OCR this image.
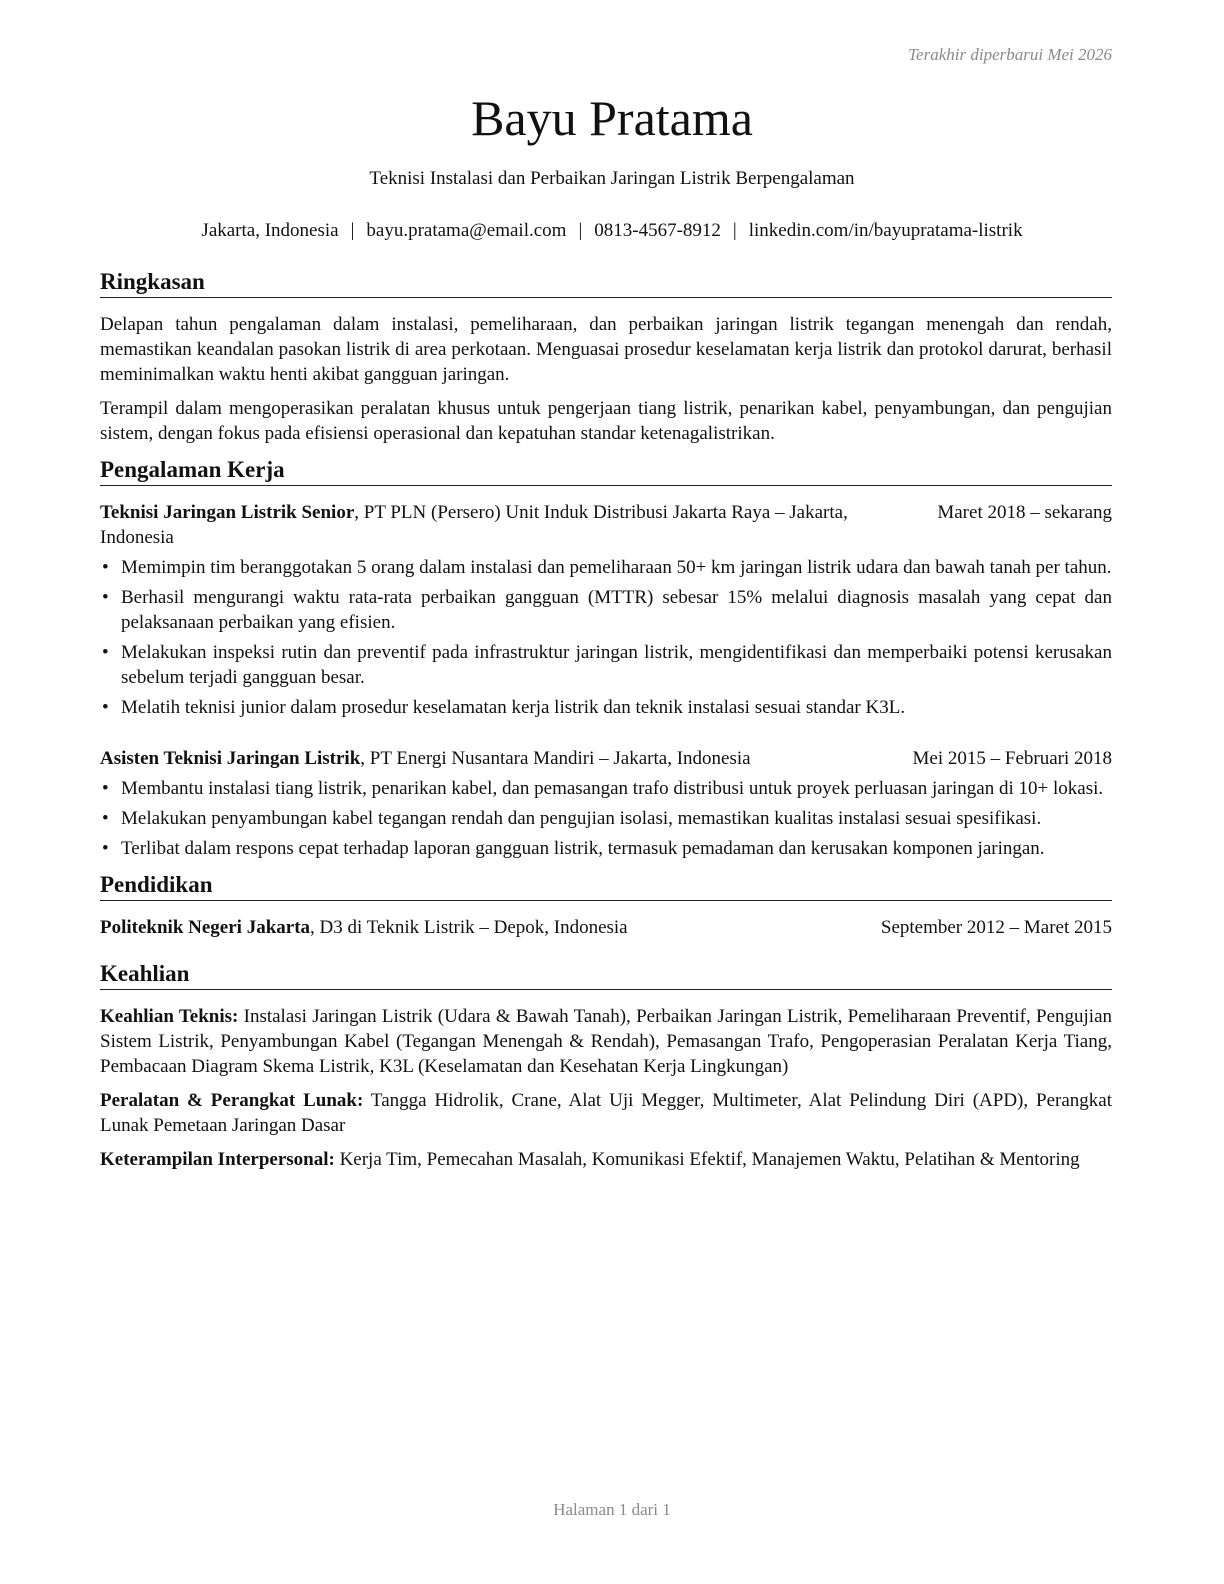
Terakhir diperbarui Mei 2026
Bayu Pratama
Teknisi Instalasi dan Perbaikan Jaringan Listrik Berpengalaman
Jakarta, Indonesia | bayu.pratama@email.com | 0813-4567-8912 | linkedin.com/in/bayupratama-listrik
Ringkasan

Delapan tahun pengalaman dalam instalasi, pemeliharaan, dan perbaikan jaringan listrik tegangan menengah dan rendah, memastikan keandalan pasokan listrik di area perkotaan. Menguasai prosedur keselamatan kerja listrik dan protokol darurat, berhasil meminimalkan waktu henti akibat gangguan jaringan.

Terampil dalam mengoperasikan peralatan khusus untuk pengerjaan tiang listrik, penarikan kabel, penyambungan, dan pengujian sistem, dengan fokus pada efisiensi operasional dan kepatuhan standar ketenagalistrikan.

Pengalaman Kerja
Teknisi Jaringan Listrik Senior, PT PLN (Persero) Unit Induk Distribusi Jakarta Raya – Jakarta, Indonesia
Maret 2018 – sekarang
• Memimpin tim beranggotakan 5 orang dalam instalasi dan pemeliharaan 50+ km jaringan listrik udara dan bawah tanah per tahun.
• Berhasil mengurangi waktu rata-rata perbaikan gangguan (MTTR) sebesar 15% melalui diagnosis masalah yang cepat dan pelaksanaan perbaikan yang efisien.
• Melakukan inspeksi rutin dan preventif pada infrastruktur jaringan listrik, mengidentifikasi dan memperbaiki potensi kerusakan sebelum terjadi gangguan besar.
• Melatih teknisi junior dalam prosedur keselamatan kerja listrik dan teknik instalasi sesuai standar K3L.
Asisten Teknisi Jaringan Listrik, PT Energi Nusantara Mandiri – Jakarta, Indonesia	Mei 2015 – Februari 2018
• Membantu instalasi tiang listrik, penarikan kabel, dan pemasangan trafo distribusi untuk proyek perluasan jaringan di 10+ lokasi.
• Melakukan penyambungan kabel tegangan rendah dan pengujian isolasi, memastikan kualitas instalasi sesuai spesifikasi.
• Terlibat dalam respons cepat terhadap laporan gangguan listrik, termasuk pemadaman dan kerusakan komponen jaringan.
Pendidikan
Politeknik Negeri Jakarta, D3 di Teknik Listrik – Depok, Indonesia	September 2012 – Maret 2015
Keahlian

Keahlian Teknis: Instalasi Jaringan Listrik (Udara & Bawah Tanah), Perbaikan Jaringan Listrik, Pemeliharaan Preventif, Pengujian Sistem Listrik, Penyambungan Kabel (Tegangan Menengah & Rendah), Pemasangan Trafo, Pengoperasian Peralatan Kerja Tiang, Pembacaan Diagram Skema Listrik, K3L (Keselamatan dan Kesehatan Kerja Lingkungan)

Peralatan & Perangkat Lunak: Tangga Hidrolik, Crane, Alat Uji Megger, Multimeter, Alat Pelindung Diri (APD), Perangkat Lunak Pemetaan Jaringan Dasar

Keterampilan Interpersonal: Kerja Tim, Pemecahan Masalah, Komunikasi Efektif, Manajemen Waktu, Pelatihan & Mentoring

Halaman 1 dari 1
